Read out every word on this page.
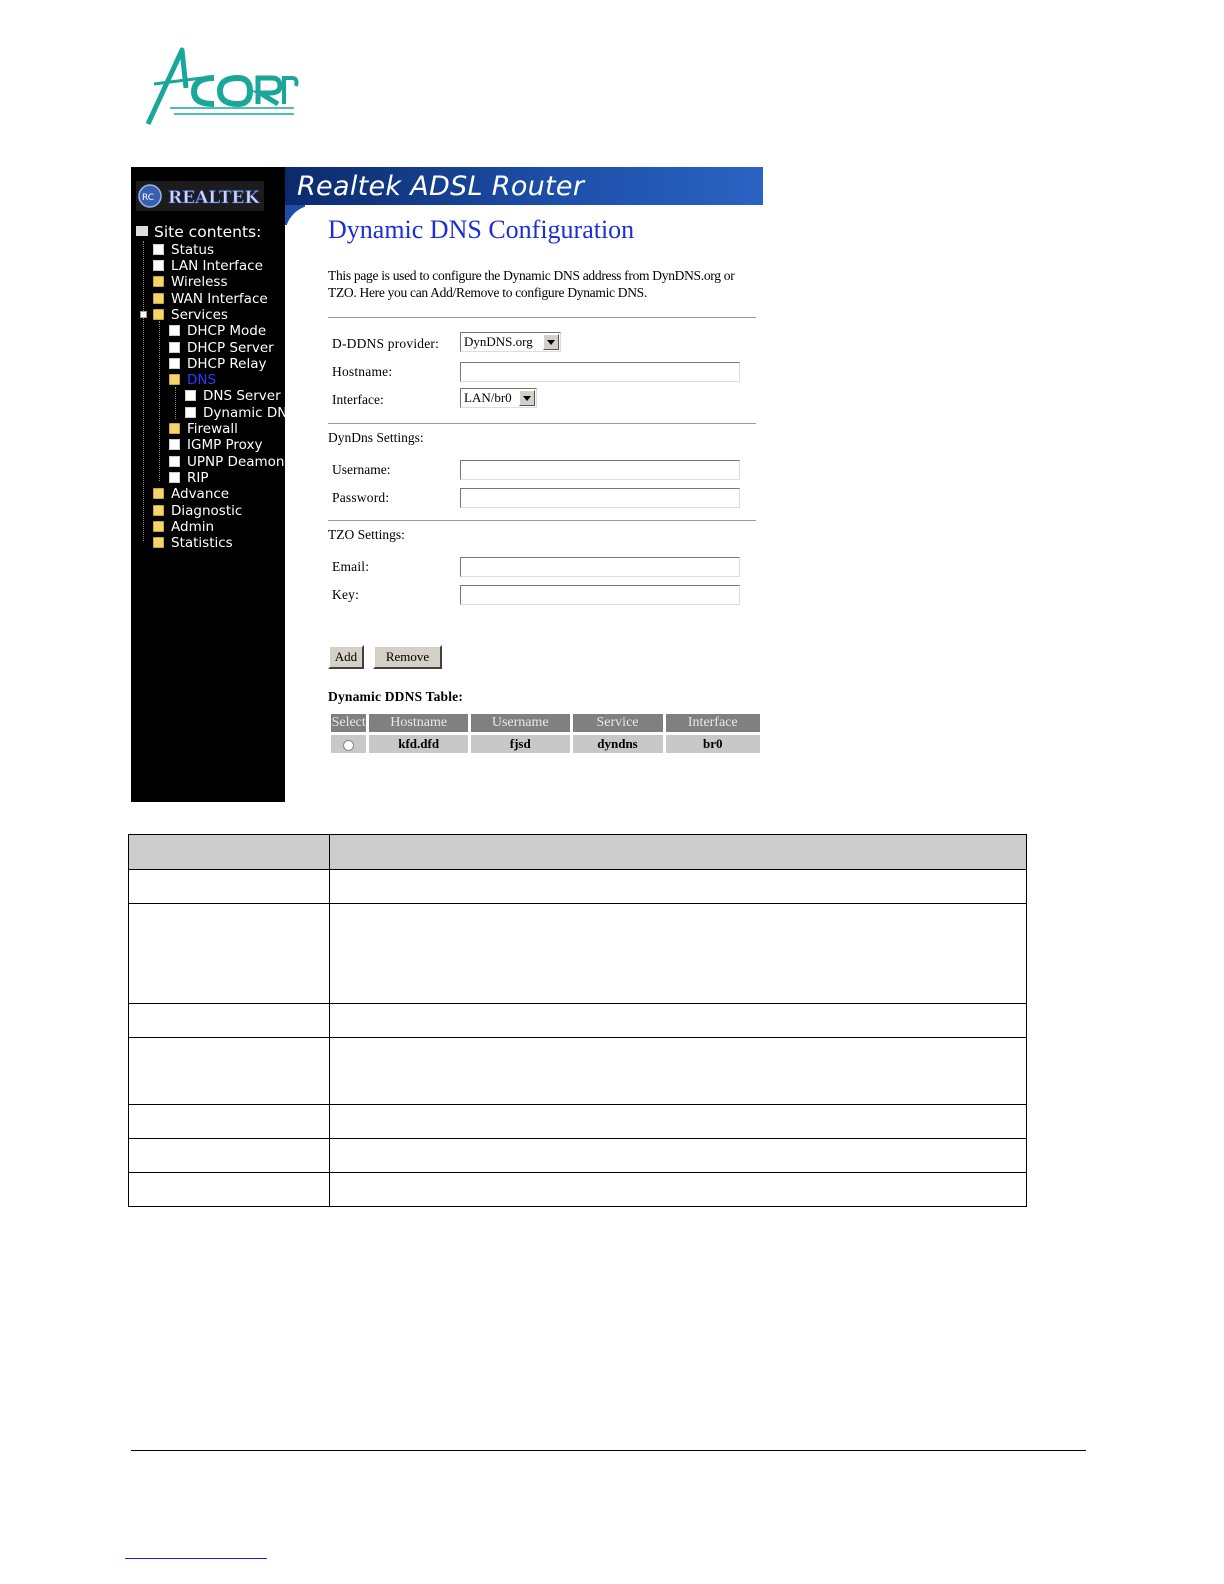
RC REALTEK
Site contents:
Status
LAN Interface
Wireless
WAN Interface
Services
DHCP Mode
DHCP Server
DHCP Relay
DNS
DNS Server
Dynamic DNS
Firewall
IGMP Proxy
UPNP Deamon
RIP
Advance
Diagnostic
Admin
Statistics
Realtek ADSL Router
Dynamic DNS Configuration
This page is used to configure the Dynamic DNS address from DynDNS.org or TZO. Here you can Add/Remove to configure Dynamic DNS.
D-DDNS provider:	DynDNS.org
Hostname:
Interface:	LAN/br0
DynDns Settings:
Username:
Password:
TZO Settings:
Email:
Key:
Add	Remove
Dynamic DDNS Table:
Select	Hostname	Username	Service	Interface
	kfd.dfd	fjsd	dyndns	br0
